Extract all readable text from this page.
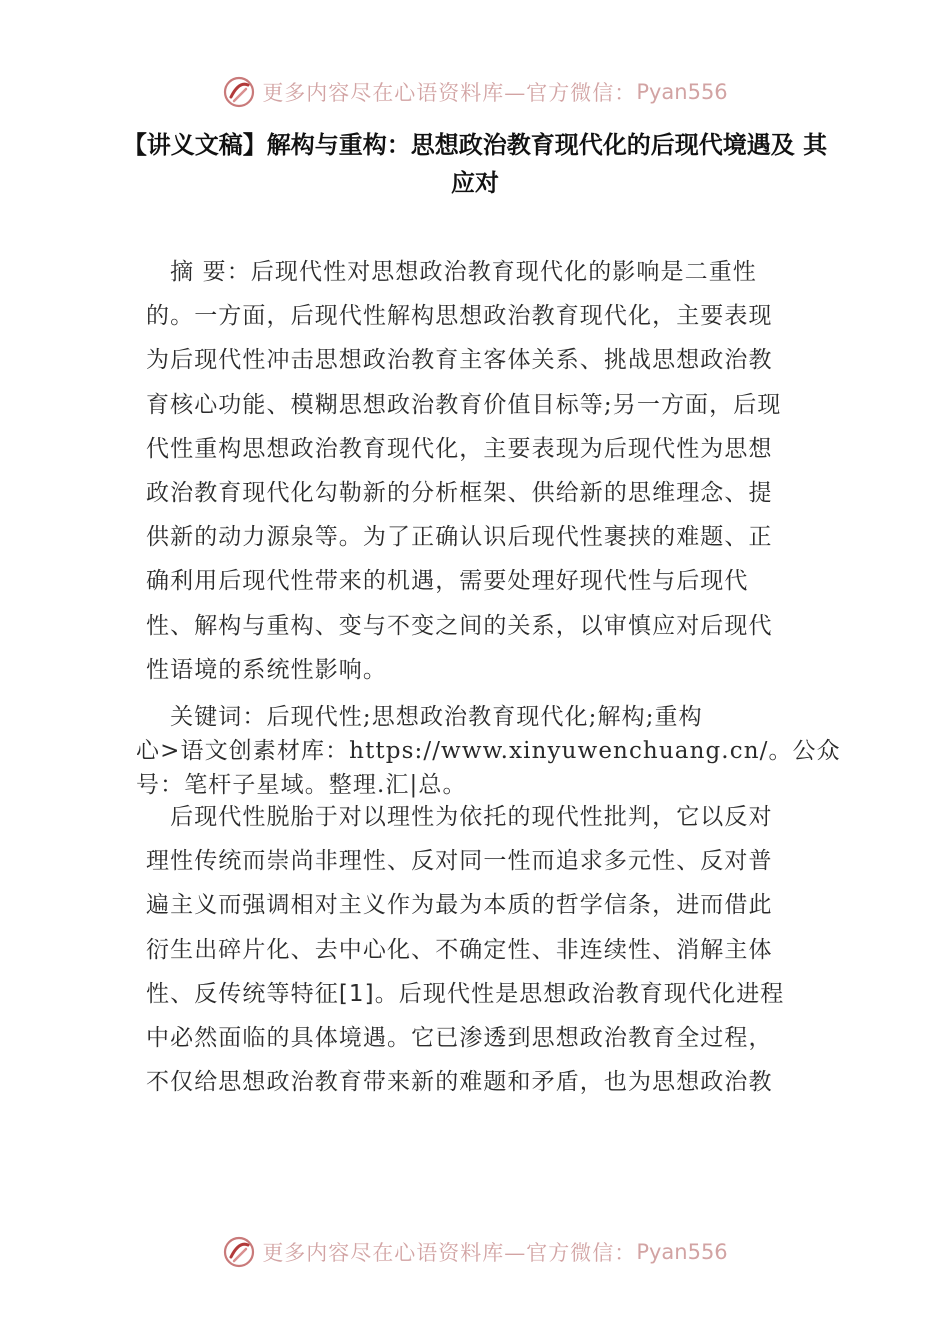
更多内容尽在心语资料库—官方微信： Pyan556
【讲义文稿】解构与重构：思想政治教育现代化的后现代境遇及 其
应对
　摘 要：后现代性对思想政治教育现代化的影响是二重性
的。一方面，后现代性解构思想政治教育现代化，主要表现
为后现代性冲击思想政治教育主客体关系、挑战思想政治教
育核心功能、模糊思想政治教育价值目标等;另一方面，后现
代性重构思想政治教育现代化，主要表现为后现代性为思想
政治教育现代化勾勒新的分析框架、供给新的思维理念、提
供新的动力源泉等。为了正确认识后现代性裹挟的难题、正
确利用后现代性带来的机遇，需要处理好现代性与后现代
性、解构与重构、变与不变之间的关系，以审慎应对后现代
性语境的系统性影响。
　关键词：后现代性;思想政治教育现代化;解构;重构
心>语文创素材库：https://www.xinyuwenchuang.cn/。公众
号：笔杆子星域。整理.汇|总。
　后现代性脱胎于对以理性为依托的现代性批判，它以反对
理性传统而崇尚非理性、反对同一性而追求多元性、反对普
遍主义而强调相对主义作为最为本质的哲学信条，进而借此
衍生出碎片化、去中心化、不确定性、非连续性、消解主体
性、反传统等特征[1]。后现代性是思想政治教育现代化进程
中必然面临的具体境遇。它已渗透到思想政治教育全过程，
不仅给思想政治教育带来新的难题和矛盾，也为思想政治教
更多内容尽在心语资料库—官方微信： Pyan556
